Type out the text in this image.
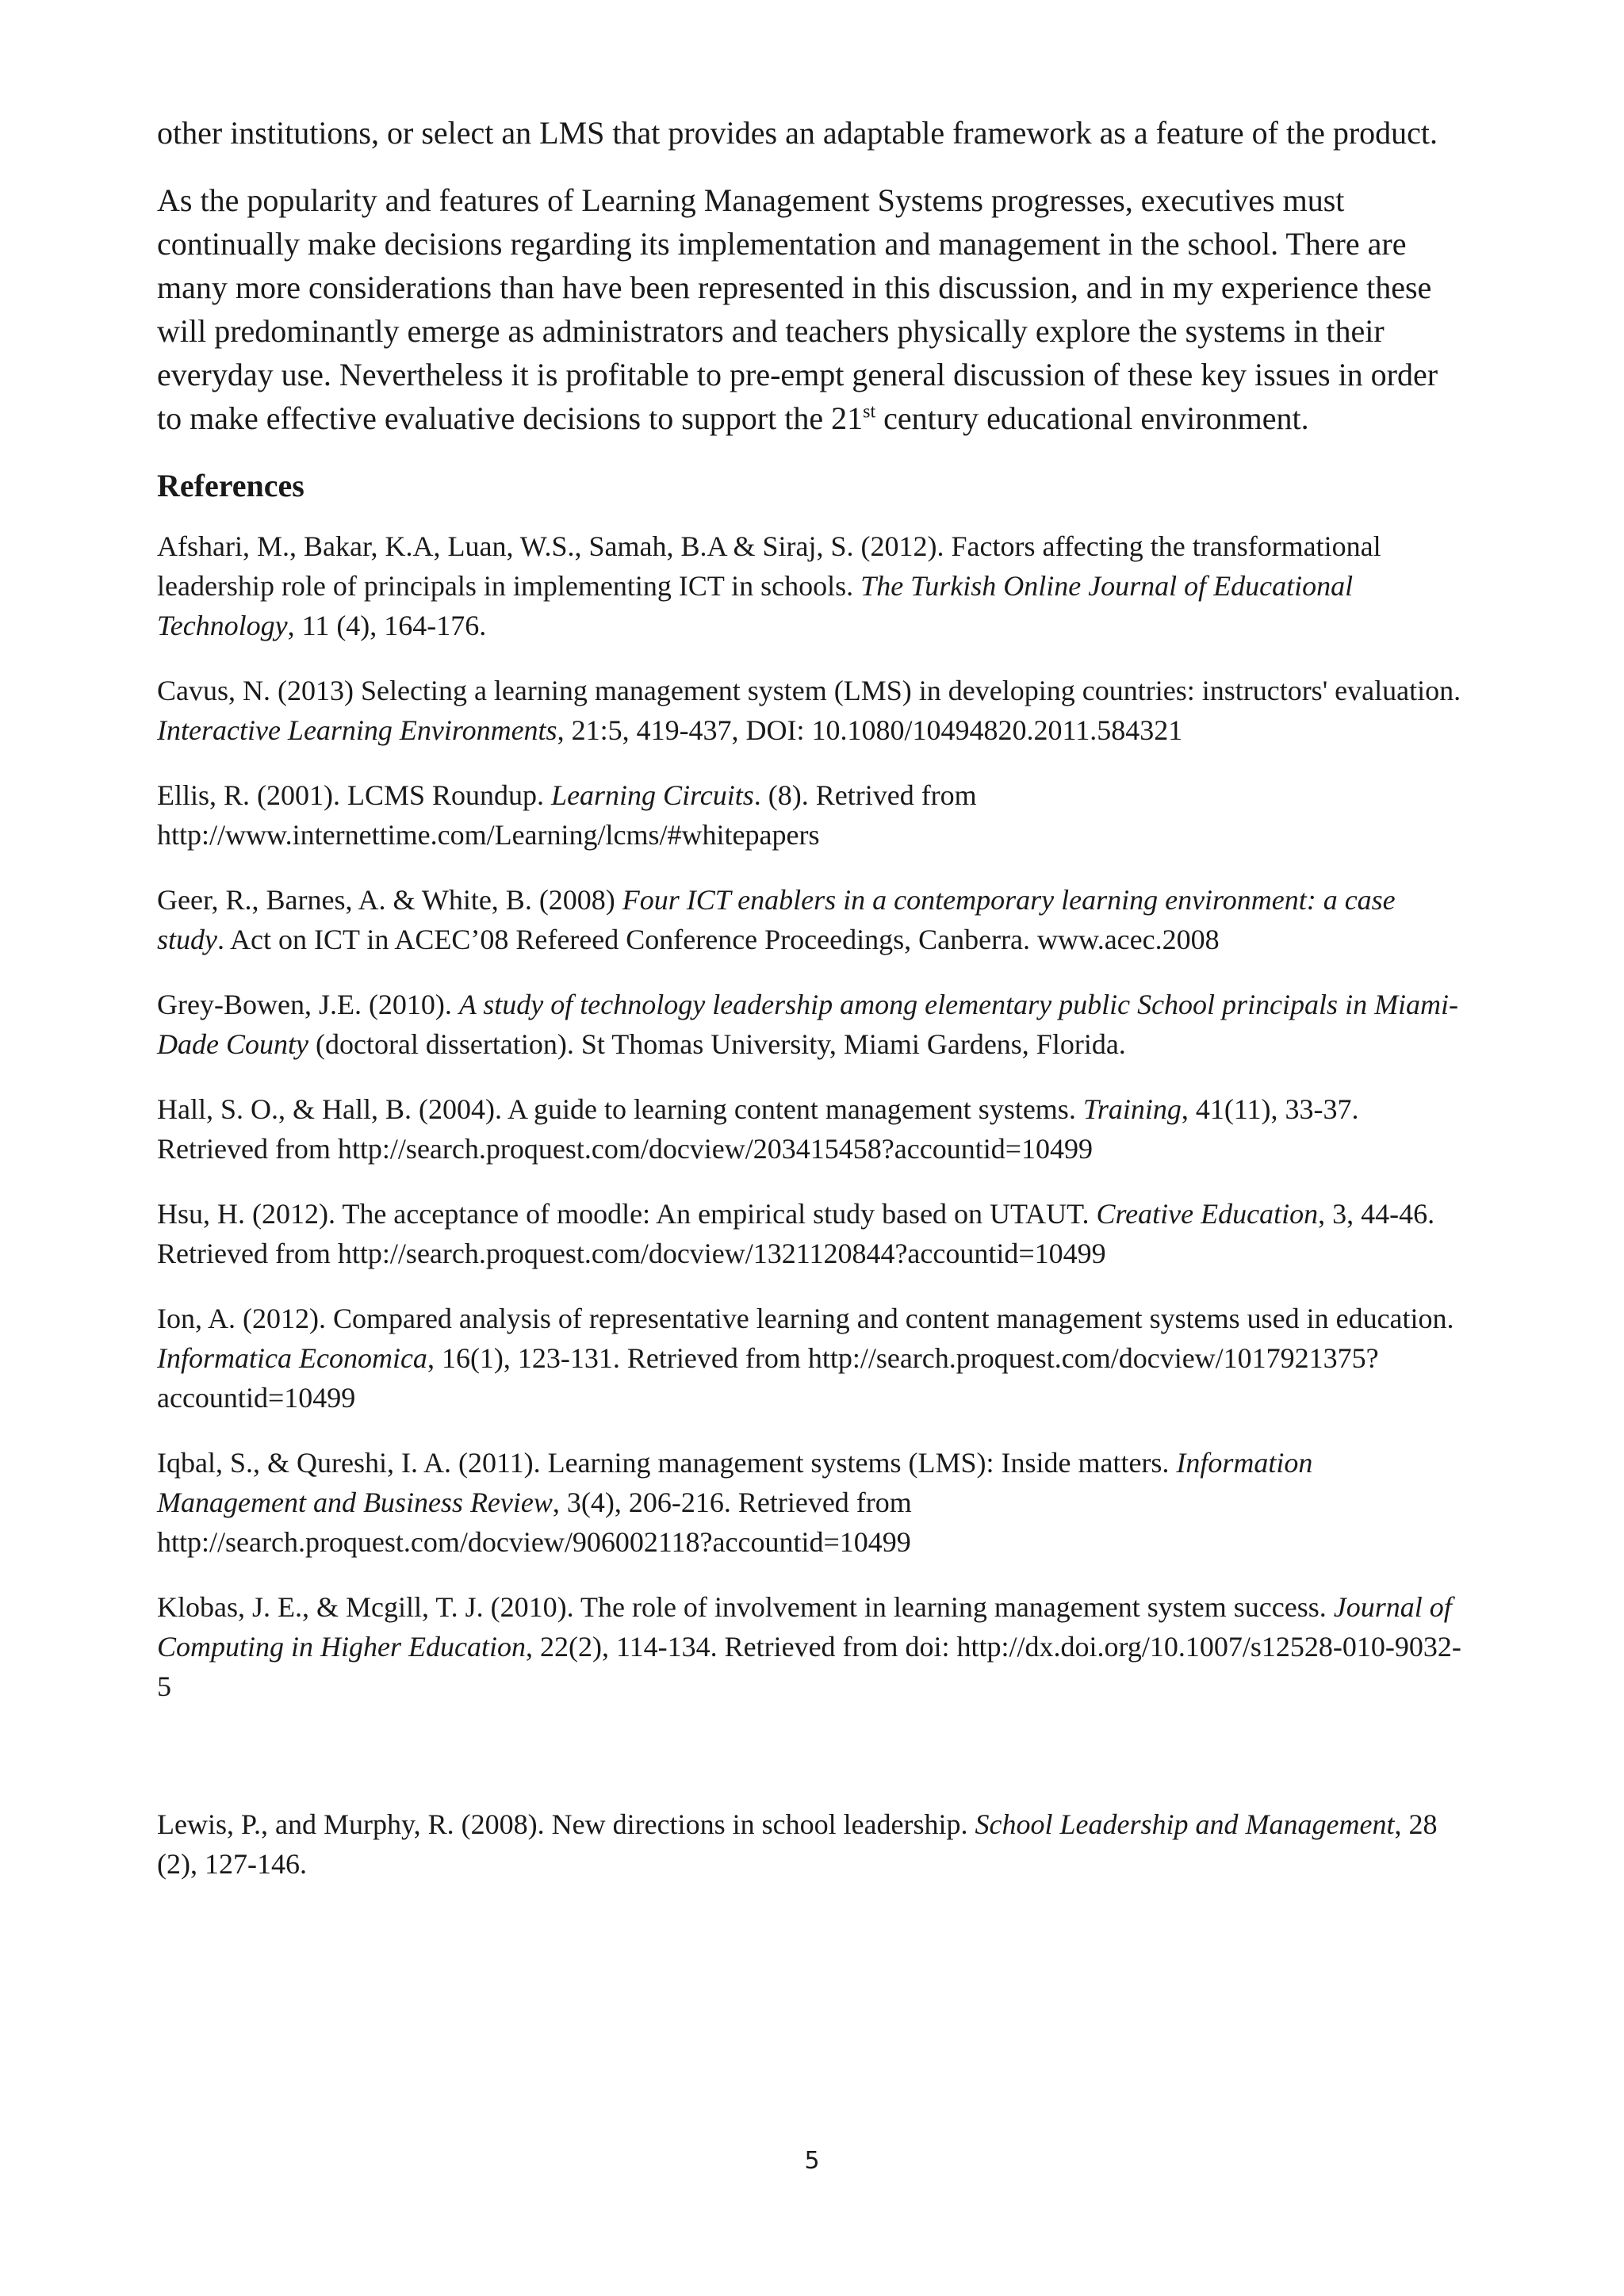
other institutions, or select an LMS that provides an adaptable framework as a feature of the product.

As the popularity and features of Learning Management Systems progresses, executives must continually make decisions regarding its implementation and management in the school. There are many more considerations than have been represented in this discussion, and in my experience these will predominantly emerge as administrators and teachers physically explore the systems in their everyday use. Nevertheless it is profitable to pre-empt general discussion of these key issues in order to make effective evaluative decisions to support the 21st century educational environment.

References

Afshari, M., Bakar, K.A, Luan, W.S., Samah, B.A & Siraj, S. (2012). Factors affecting the transformational leadership role of principals in implementing ICT in schools. The Turkish Online Journal of Educational Technology, 11 (4), 164-176.

Cavus, N. (2013) Selecting a learning management system (LMS) in developing countries: instructors' evaluation. Interactive Learning Environments, 21:5, 419-437, DOI: 10.1080/10494820.2011.584321

Ellis, R. (2001). LCMS Roundup. Learning Circuits. (8). Retrived from http://www.internettime.com/Learning/lcms/#whitepapers

Geer, R., Barnes, A. & White, B. (2008) Four ICT enablers in a contemporary learning environment: a case study. Act on ICT in ACEC’08 Refereed Conference Proceedings, Canberra. www.acec.2008

Grey-Bowen, J.E. (2010). A study of technology leadership among elementary public School principals in Miami-Dade County (doctoral dissertation). St Thomas University, Miami Gardens, Florida.

Hall, S. O., & Hall, B. (2004). A guide to learning content management systems. Training, 41(11), 33-37. Retrieved from http://search.proquest.com/docview/203415458?accountid=10499

Hsu, H. (2012). The acceptance of moodle: An empirical study based on UTAUT. Creative Education, 3, 44-46. Retrieved from http://search.proquest.com/docview/1321120844?accountid=10499

Ion, A. (2012). Compared analysis of representative learning and content management systems used in education. Informatica Economica, 16(1), 123-131. Retrieved from http://search.proquest.com/docview/1017921375?accountid=10499

Iqbal, S., & Qureshi, I. A. (2011). Learning management systems (LMS): Inside matters. Information Management and Business Review, 3(4), 206-216. Retrieved from http://search.proquest.com/docview/906002118?accountid=10499

Klobas, J. E., & Mcgill, T. J. (2010). The role of involvement in learning management system success. Journal of Computing in Higher Education, 22(2), 114-134. Retrieved from doi: http://dx.doi.org/10.1007/s12528-010-9032-5

Lewis, P., and Murphy, R. (2008). New directions in school leadership. School Leadership and Management, 28 (2), 127-146.

5
